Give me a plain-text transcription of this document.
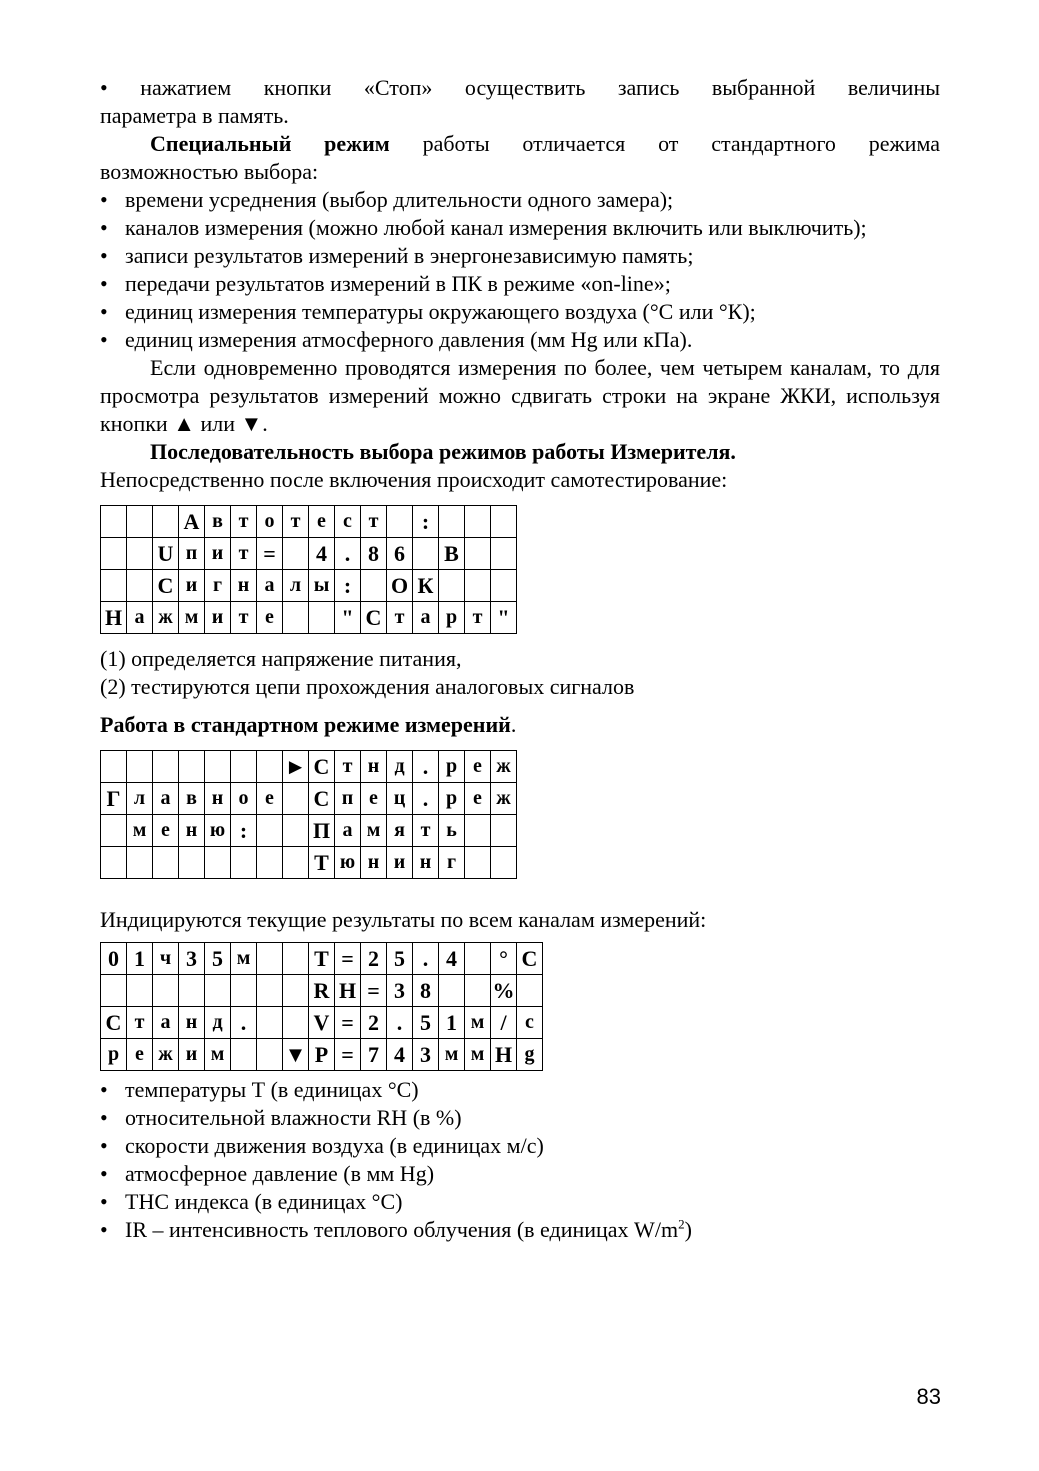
• нажатием кнопки «Стоп» осуществить запись выбранной величины

параметра в память.

Специальный режим работы отличается от стандартного режима

возможностью выбора:

• времени усреднения (выбор длительности одного замера);
• каналов измерения (можно любой канал измерения включить или выключить);
• записи результатов измерений в энергонезависимую память;
• передачи результатов измерений в ПК в режиме «on-line»;
• единиц измерения температуры окружающего воздуха (°С или °К);
• единиц измерения атмосферного давления (мм Hg или кПа).

Если одновременно проводятся измерения по более, чем четырем каналам, то для просмотра результатов измерений можно сдвигать строки на экране ЖКИ, используя кнопки ▲ или ▼.

Последовательность выбора режимов работы Измерителя.

Непосредственно после включения происходит самотестирование:

			А	в	т	о	т	е	с	т		:			
		U	п	и	т	=		4	.	8	6		В		
		С	и	г	н	а	л	ы	:		О	К			
Н	а	ж	м	и	т	е			"	С	т	а	р	т	"

(1) определяется напряжение питания,

(2) тестируются цепи прохождения аналоговых сигналов

Работа в стандартном режиме измерений.

							►	С	т	н	д	.	р	е	ж
Г	л	а	в	н	о	е		С	п	е	ц	.	р	е	ж
	м	е	н	ю	:			П	а	м	я	т	ь		
								Т	ю	н	и	н	г		

Индицируются текущие результаты по всем каналам измерений:

0	1	ч	3	5	м			Т	=	2	5	.	4		°	С
								R	Н	=	3	8			%	
С	т	а	н	д	.			V	=	2	.	5	1	м	/	с
р	е	ж	и	м			▼	Р	=	7	4	3	м	м	Н	g
• температуры Т (в единицах °С)
• относительной влажности RН (в %)
• скорости движения воздуха (в единицах м/с)
• атмосферное давление (в мм Hg)
• ТНС индекса (в единицах °С)
• IR – интенсивность теплового облучения (в единицах $W/m^2$)
83
